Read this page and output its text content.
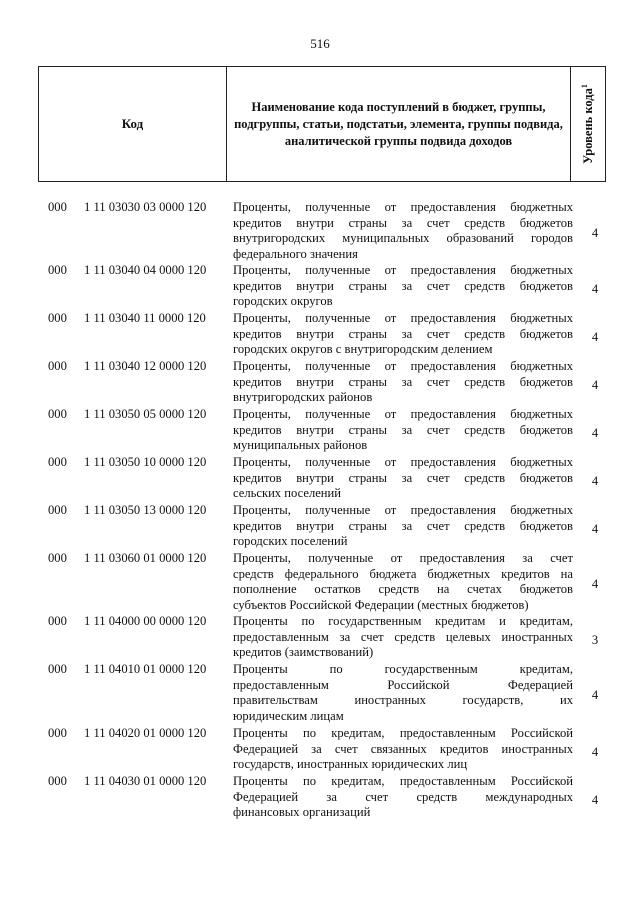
516
Код
Наименование кода поступлений в бюджет, группы, подгруппы, статьи, подстатьи, элемента, группы подвида, аналитической группы подвида доходов	Уровень кода$^1$
000 1 11 03030 03 0000 120 Проценты, полученные от предоставления бюджетных
кредитов внутри страны за счет средств бюджетов
внутригородских муниципальных образований городов
федерального значения
4
000 1 11 03040 04 0000 120 Проценты, полученные от предоставления бюджетных
кредитов внутри страны за счет средств бюджетов
городских округов
4
000 1 11 03040 11 0000 120 Проценты, полученные от предоставления бюджетных
кредитов внутри страны за счет средств бюджетов
городских округов с внутригородским делением
4
000 1 11 03040 12 0000 120 Проценты, полученные от предоставления бюджетных
кредитов внутри страны за счет средств бюджетов
внутригородских районов
4
000 1 11 03050 05 0000 120 Проценты, полученные от предоставления бюджетных
кредитов внутри страны за счет средств бюджетов
муниципальных районов
4
000 1 11 03050 10 0000 120 Проценты, полученные от предоставления бюджетных
кредитов внутри страны за счет средств бюджетов
сельских поселений
4
000 1 11 03050 13 0000 120 Проценты, полученные от предоставления бюджетных
кредитов внутри страны за счет средств бюджетов
городских поселений
4
000 1 11 03060 01 0000 120 Проценты, полученные от предоставления за счет
средств федерального бюджета бюджетных кредитов на
пополнение остатков средств на счетах бюджетов
субъектов Российской Федерации (местных бюджетов)
4
000 1 11 04000 00 0000 120 Проценты по государственным кредитам и кредитам,
предоставленным за счет средств целевых иностранных
кредитов (заимствований)
3
000 1 11 04010 01 0000 120 Проценты по государственным кредитам,
предоставленным Российской Федерацией
правительствам иностранных государств, их
юридическим лицам
4
000 1 11 04020 01 0000 120 Проценты по кредитам, предоставленным Российской
Федерацией за счет связанных кредитов иностранных
государств, иностранных юридических лиц
4
000 1 11 04030 01 0000 120 Проценты по кредитам, предоставленным Российской
Федерацией за счет средств международных
финансовых организаций
4
